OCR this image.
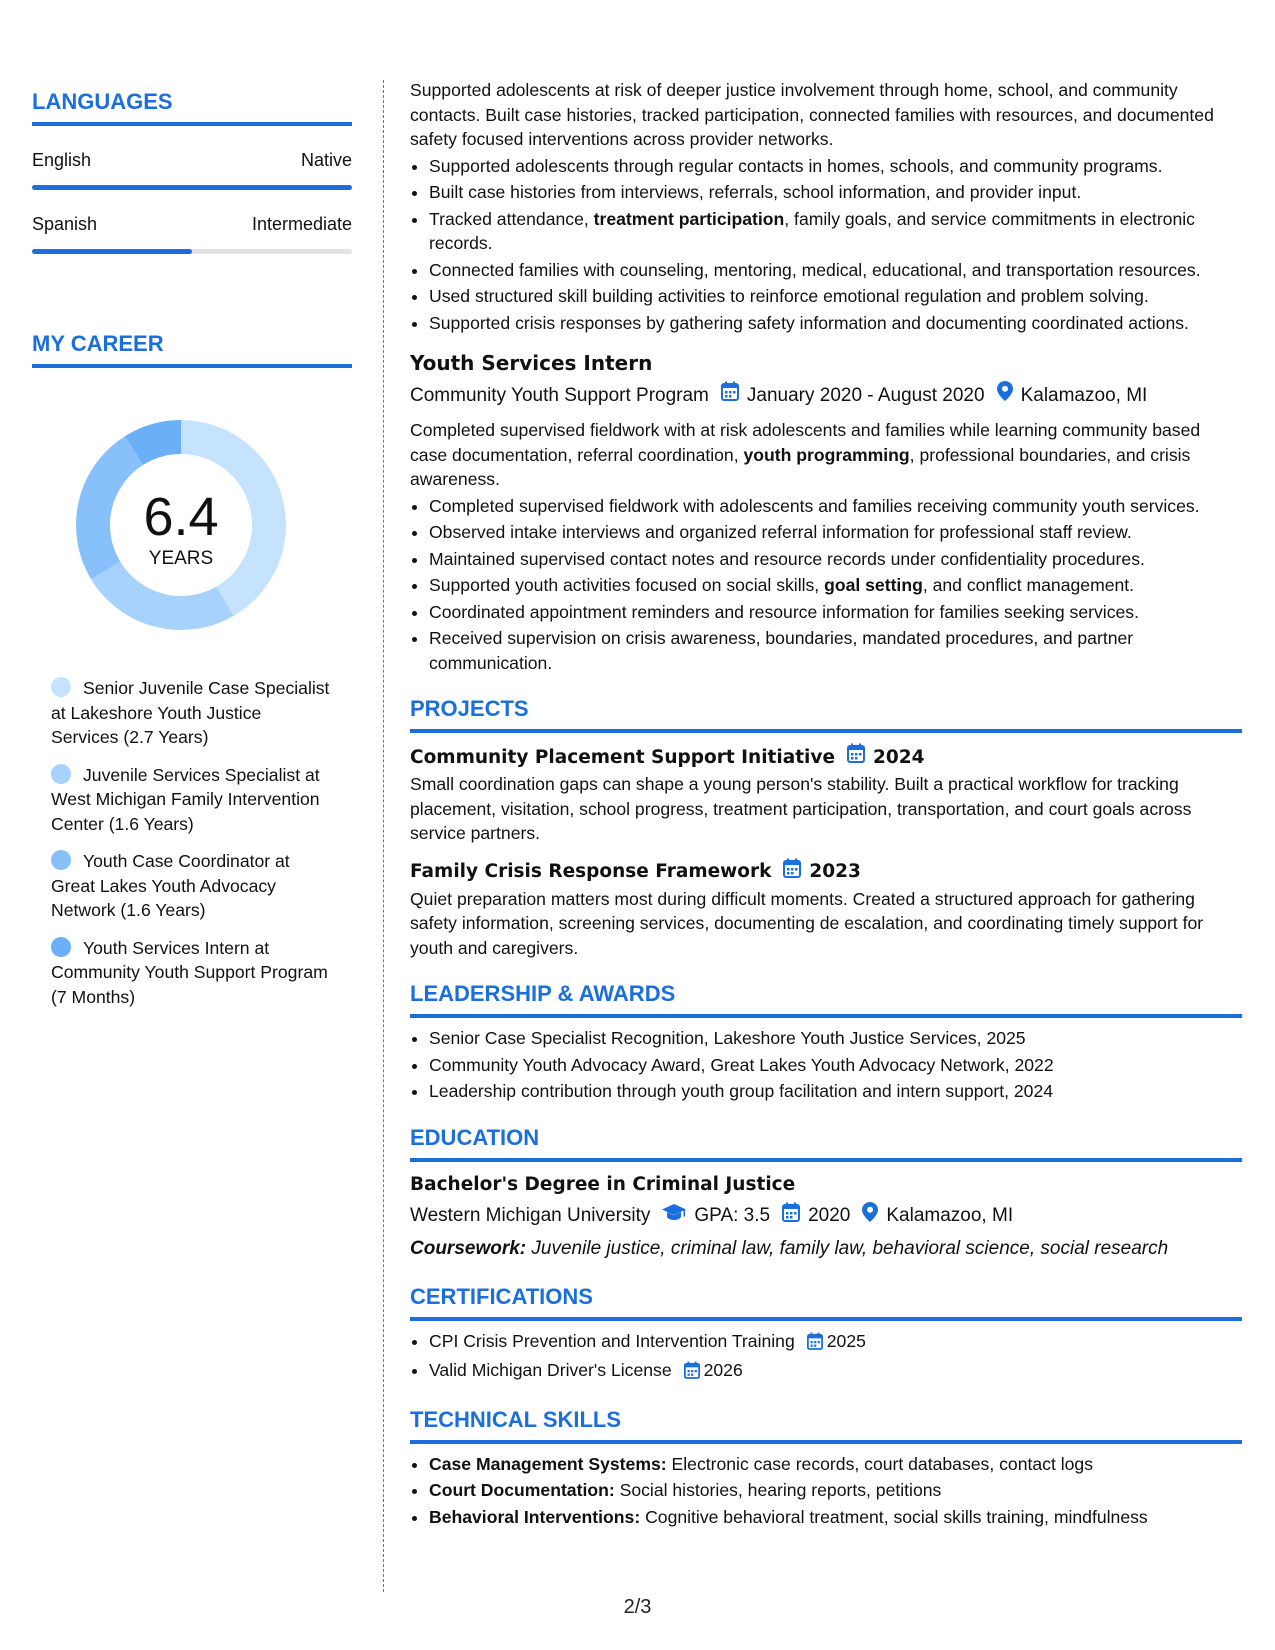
LANGUAGES
English	Native
Spanish	Intermediate
MY CAREER
6.4
YEARS
Senior Juvenile Case Specialist at Lakeshore Youth Justice Services (2.7 Years)
Juvenile Services Specialist at West Michigan Family Intervention Center (1.6 Years)
Youth Case Coordinator at Great Lakes Youth Advocacy Network (1.6 Years)
Youth Services Intern at Community Youth Support Program (7 Months)

Supported adolescents at risk of deeper justice involvement through home, school, and community contacts. Built case histories, tracked participation, connected families with resources, and documented safety focused interventions across provider networks.

• Supported adolescents through regular contacts in homes, schools, and community programs.
• Built case histories from interviews, referrals, school information, and provider input.
• Tracked attendance, treatment participation, family goals, and service commitments in electronic records.
• Connected families with counseling, mentoring, medical, educational, and transportation resources.
• Used structured skill building activities to reinforce emotional regulation and problem solving.
• Supported crisis responses by gathering safety information and documenting coordinated actions.
Youth Services Intern
Community Youth Support Program January 2020 - August 2020 Kalamazoo, MI

Completed supervised fieldwork with at risk adolescents and families while learning community based case documentation, referral coordination, youth programming, professional boundaries, and crisis awareness.

• Completed supervised fieldwork with adolescents and families receiving community youth services.
• Observed intake interviews and organized referral information for professional staff review.
• Maintained supervised contact notes and resource records under confidentiality procedures.
• Supported youth activities focused on social skills, goal setting, and conflict management.
• Coordinated appointment reminders and resource information for families seeking services.
• Received supervision on crisis awareness, boundaries, mandated procedures, and partner communication.
PROJECTS
Community Placement Support Initiative 2024

Small coordination gaps can shape a young person's stability. Built a practical workflow for tracking placement, visitation, school progress, treatment participation, transportation, and court goals across service partners.

Family Crisis Response Framework 2023

Quiet preparation matters most during difficult moments. Created a structured approach for gathering safety information, screening services, documenting de escalation, and coordinating timely support for youth and caregivers.

LEADERSHIP & AWARDS
• Senior Case Specialist Recognition, Lakeshore Youth Justice Services, 2025
• Community Youth Advocacy Award, Great Lakes Youth Advocacy Network, 2022
• Leadership contribution through youth group facilitation and intern support, 2024
EDUCATION
Bachelor's Degree in Criminal Justice
Western Michigan University GPA: 3.5 2020 Kalamazoo, MI
Coursework: Juvenile justice, criminal law, family law, behavioral science, social research
CERTIFICATIONS
• CPI Crisis Prevention and Intervention Training 2025
• Valid Michigan Driver's License 2026
TECHNICAL SKILLS
• Case Management Systems: Electronic case records, court databases, contact logs
• Court Documentation: Social histories, hearing reports, petitions
• Behavioral Interventions: Cognitive behavioral treatment, social skills training, mindfulness
2/3
